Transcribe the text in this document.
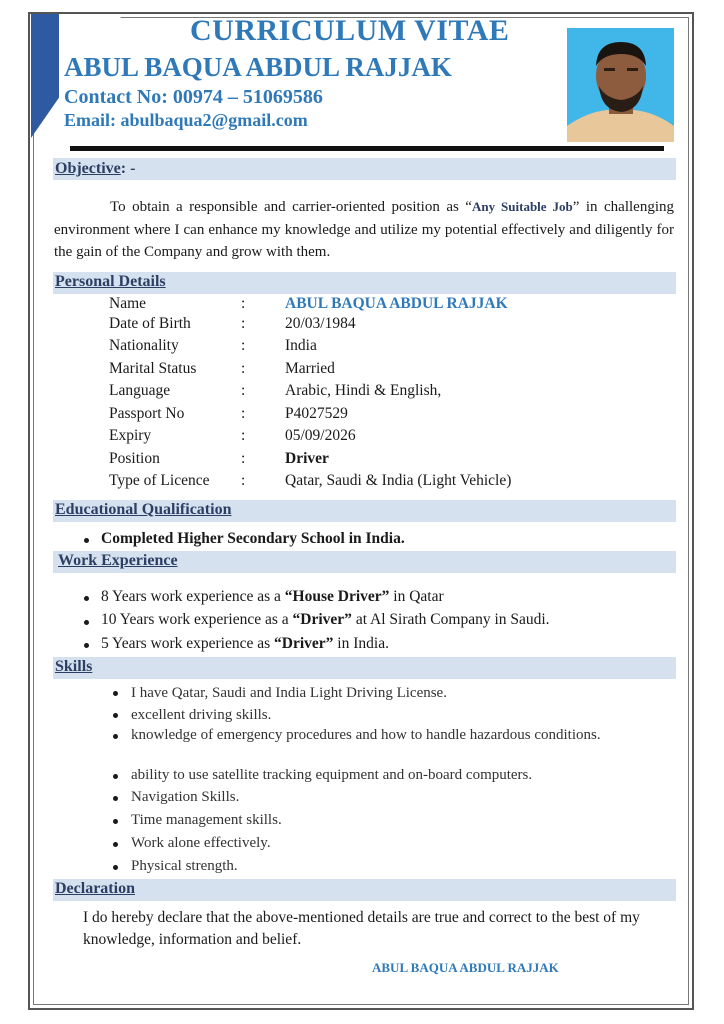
CURRICULUM VITAE
ABUL BAQUA ABDUL RAJJAK
Contact No: 00974 – 51069586
Email: abulbaqua2@gmail.com
Objective: -
To obtain a responsible and carrier-oriented position as “Any Suitable Job” in challenging environment where I can enhance my knowledge and utilize my potential effectively and diligently for the gain of the Company and grow with them.
Personal Details
Name	:	ABUL BAQUA ABDUL RAJJAK
Date of Birth	:	20/03/1984
Nationality	:	India
Marital Status	:	Married
Language	:	Arabic, Hindi & English,
Passport No	:	P4027529
Expiry	:	05/09/2026
Position	:	Driver
Type of Licence :	Qatar, Saudi & India (Light Vehicle)
Educational Qualification
Completed Higher Secondary School in India.
Work Experience
8 Years work experience as a “House Driver” in Qatar
10 Years work experience as a “Driver” at Al Sirath Company in Saudi.
5 Years work experience as “Driver” in India.
Skills
I have Qatar, Saudi and India Light Driving License.
excellent driving skills.
knowledge of emergency procedures and how to handle hazardous conditions.
ability to use satellite tracking equipment and on-board computers.
Navigation Skills.
Time management skills.
Work alone effectively.
Physical strength.
Declaration
I do hereby declare that the above-mentioned details are true and correct to the best of my knowledge, information and belief.
ABUL BAQUA ABDUL RAJJAK
